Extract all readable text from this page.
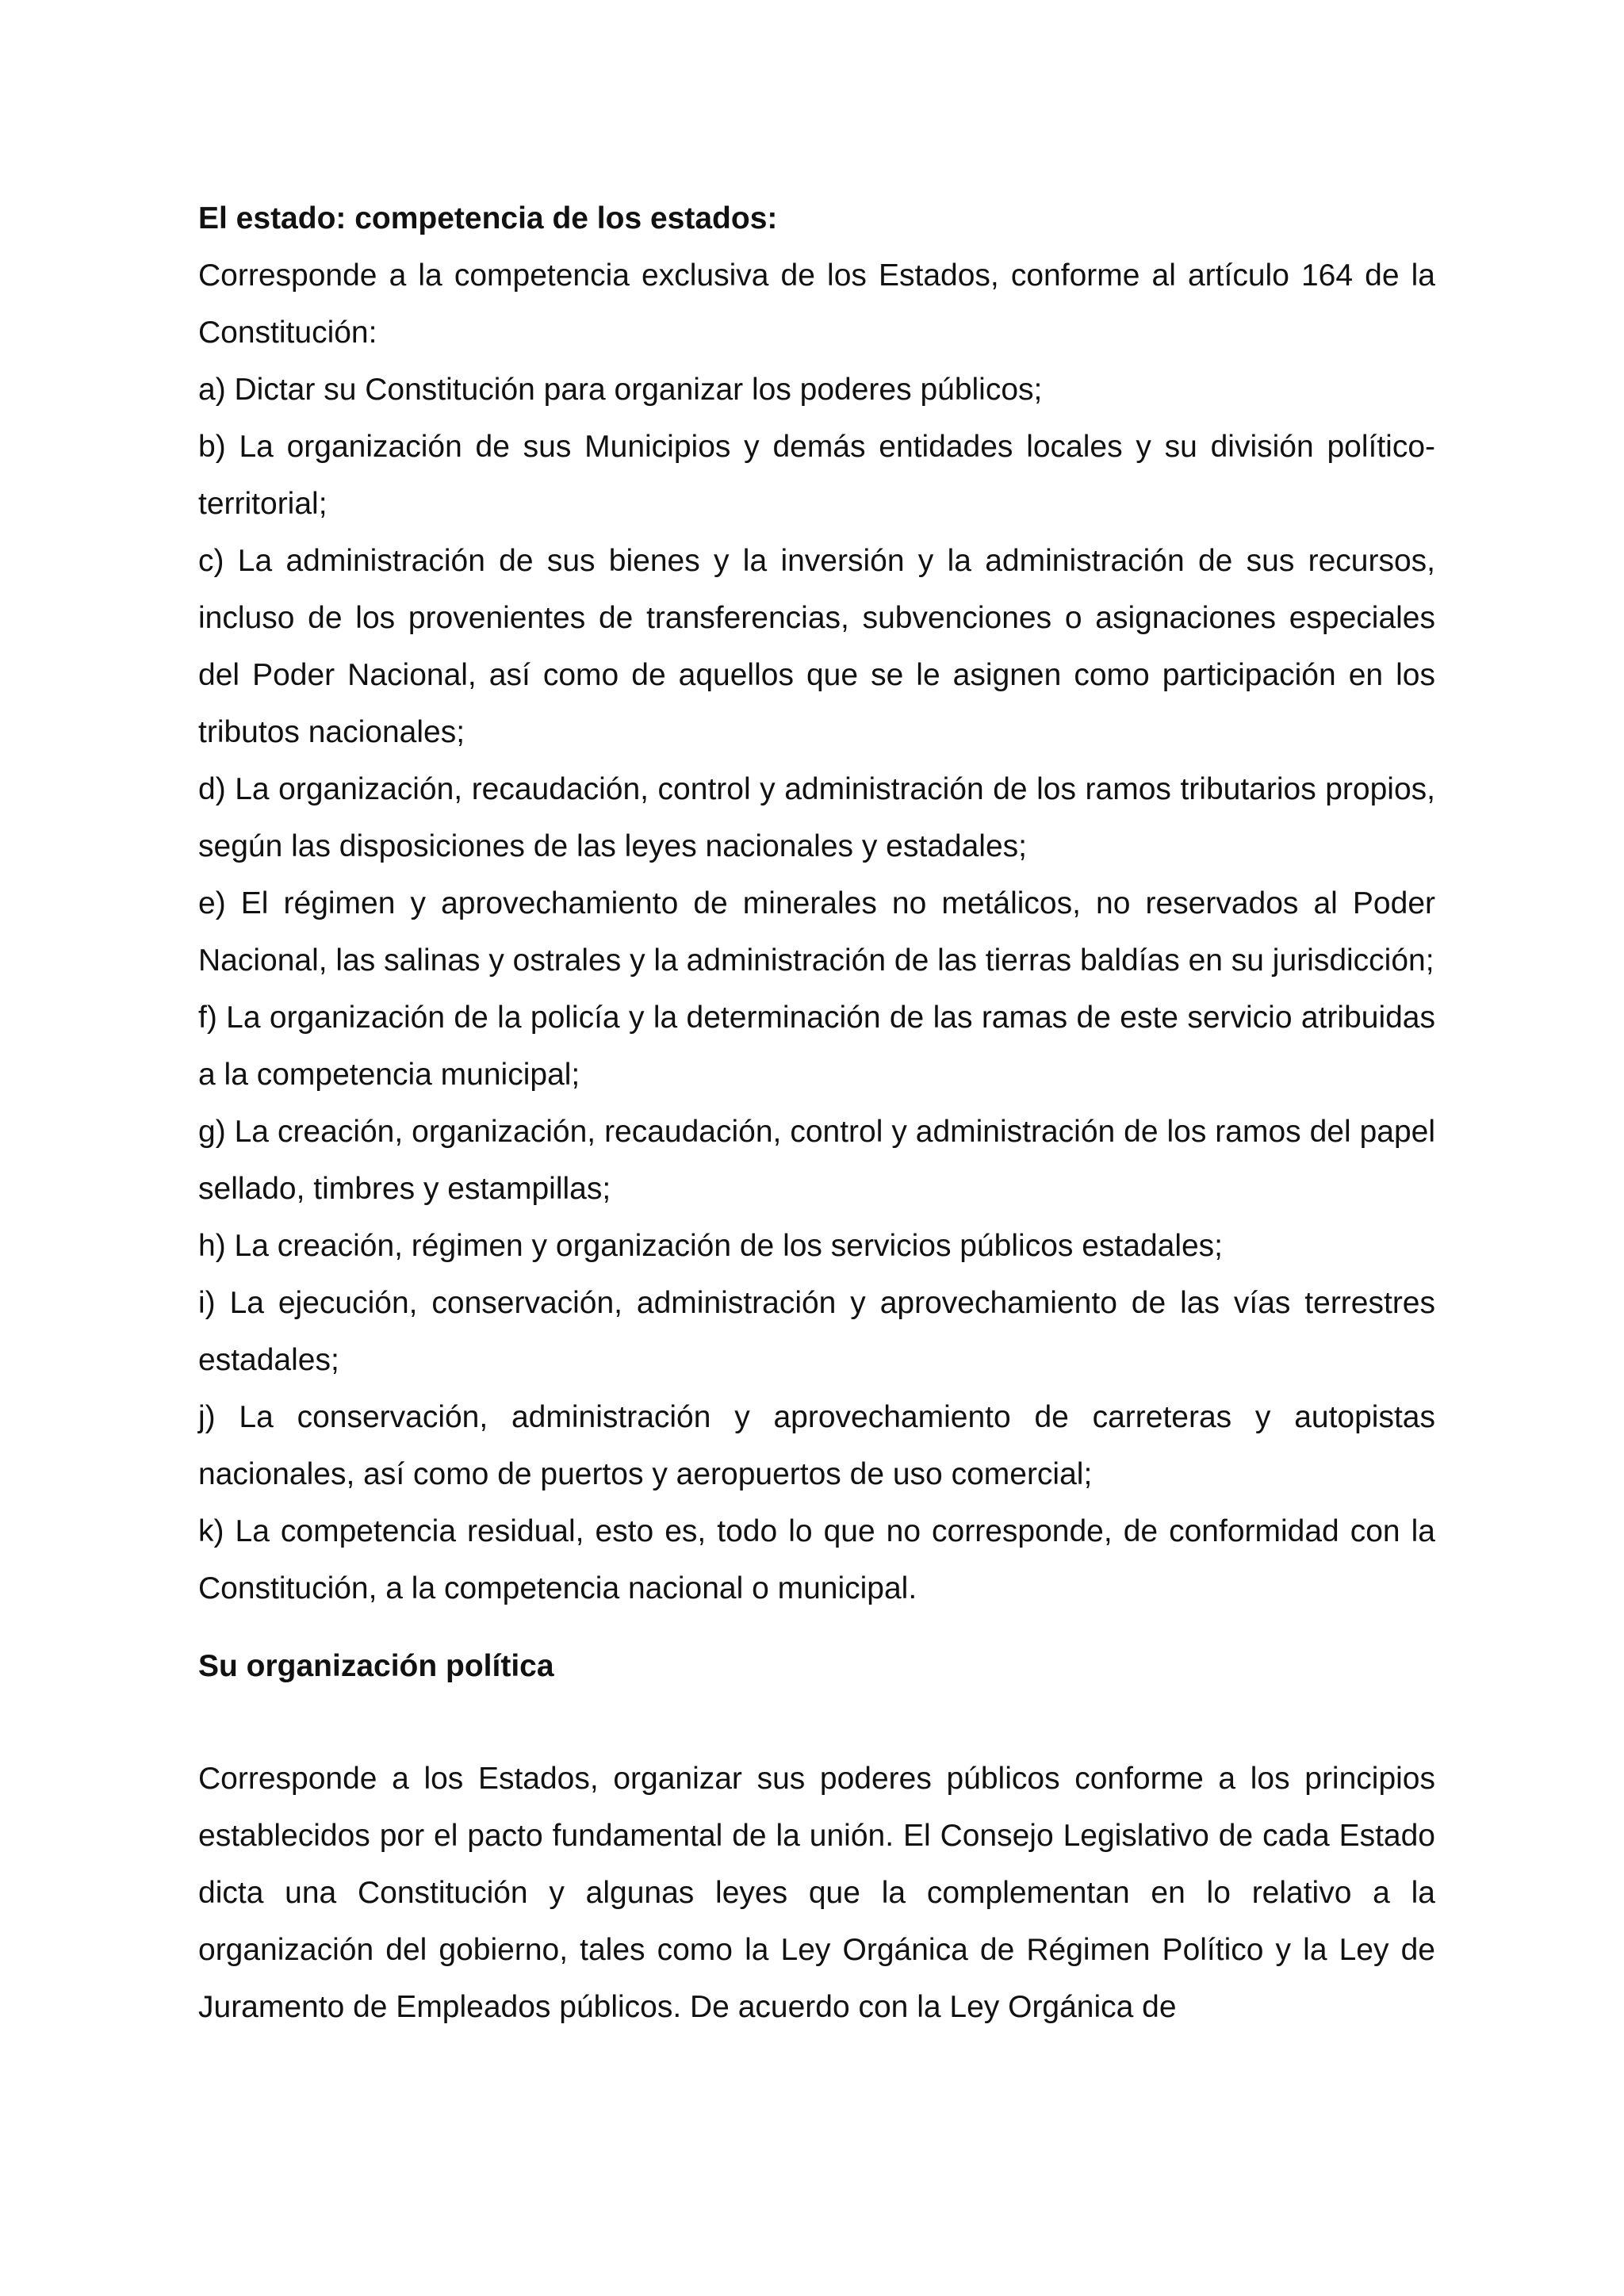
El estado: competencia de los estados:

Corresponde a la competencia exclusiva de los Estados, conforme al artículo 164 de la Constitución:

a) Dictar su Constitución para organizar los poderes públicos;

b) La organización de sus Municipios y demás entidades locales y su división político-territorial;

c) La administración de sus bienes y la inversión y la administración de sus recursos, incluso de los provenientes de transferencias, subvenciones o asignaciones especiales del Poder Nacional, así como de aquellos que se le asignen como participación en los tributos nacionales;

d) La organización, recaudación, control y administración de los ramos tributarios propios, según las disposiciones de las leyes nacionales y estadales;

e) El régimen y aprovechamiento de minerales no metálicos, no reservados al Poder Nacional, las salinas y ostrales y la administración de las tierras baldías en su jurisdicción;

f) La organización de la policía y la determinación de las ramas de este servicio atribuidas a la competencia municipal;

g) La creación, organización, recaudación, control y administración de los ramos del papel sellado, timbres y estampillas;

h) La creación, régimen y organización de los servicios públicos estadales;

i) La ejecución, conservación, administración y aprovechamiento de las vías terrestres estadales;

j) La conservación, administración y aprovechamiento de carreteras y autopistas nacionales, así como de puertos y aeropuertos de uso comercial;

k) La competencia residual, esto es, todo lo que no corresponde, de conformidad con la Constitución, a la competencia nacional o municipal.

Su organización política

Corresponde a los Estados, organizar sus poderes públicos conforme a los principios establecidos por el pacto fundamental de la unión. El Consejo Legislativo de cada Estado dicta una Constitución y algunas leyes que la complementan en lo relativo a la organización del gobierno, tales como la Ley Orgánica de Régimen Político y la Ley de Juramento de Empleados públicos. De acuerdo con la Ley Orgánica de
